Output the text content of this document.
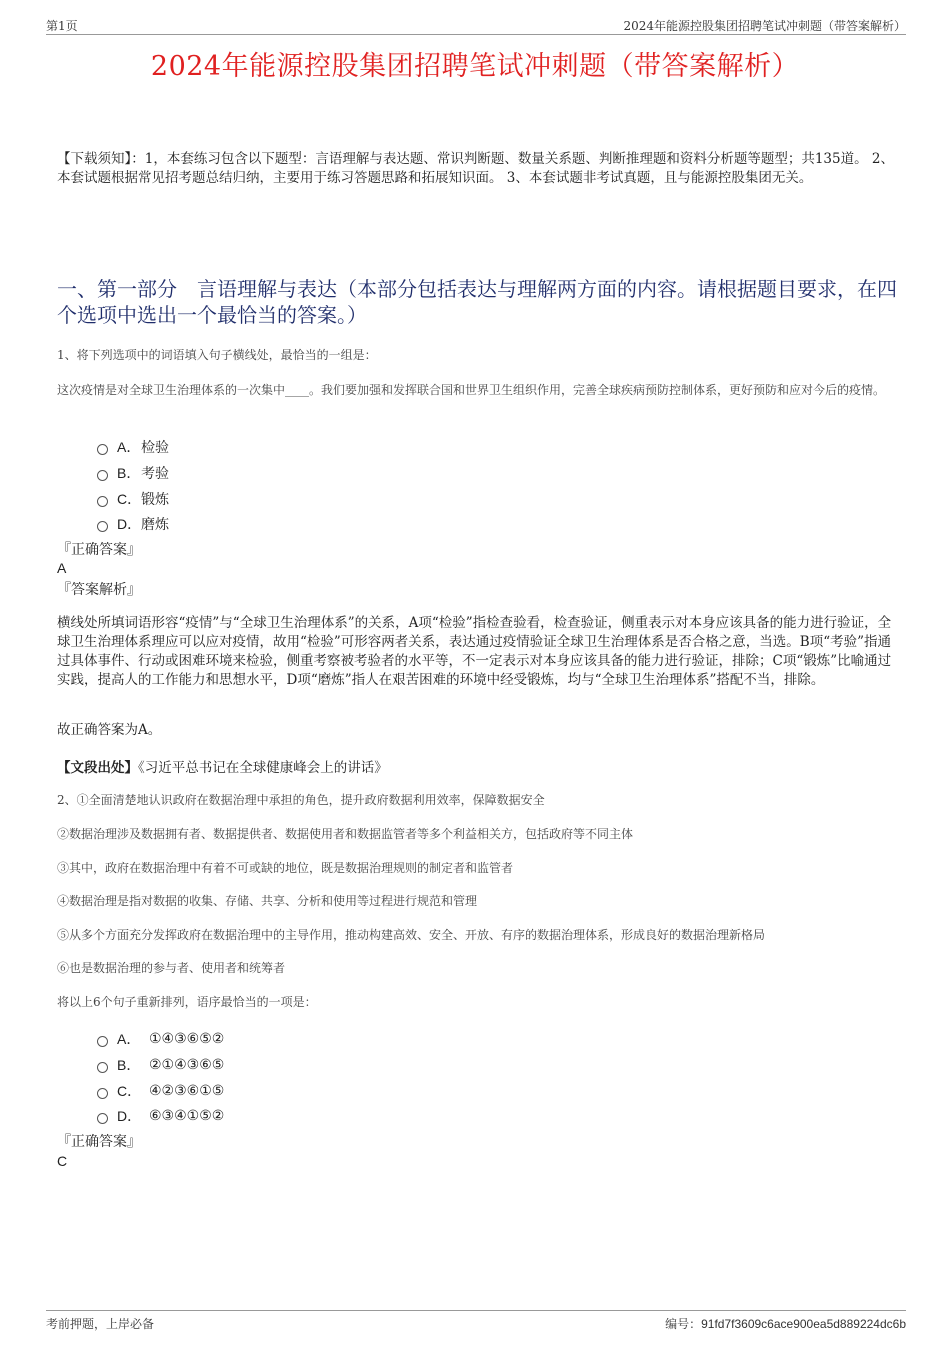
第1页	2024年能源控股集团招聘笔试冲刺题（带答案解析）
2024年能源控股集团招聘笔试冲刺题（带答案解析）
【下载须知】：1，本套练习包含以下题型：言语理解与表达题、常识判断题、数量关系题、判断推理题和资料分析题等题型；共135道。 2、本套试题根据常见招考题总结归纳，主要用于练习答题思路和拓展知识面。 3、本套试题非考试真题，且与能源控股集团无关。
一、第一部分　言语理解与表达（本部分包括表达与理解两方面的内容。请根据题目要求，在四个选项中选出一个最恰当的答案。）
1、将下列选项中的词语填入句子横线处，最恰当的一组是：
这次疫情是对全球卫生治理体系的一次集中____。我们要加强和发挥联合国和世界卫生组织作用，完善全球疾病预防控制体系，更好预防和应对今后的疫情。
A． 检验
B． 考验
C． 锻炼
D． 磨炼
『正确答案』
A
『答案解析』
横线处所填词语形容“疫情”与“全球卫生治理体系”的关系，A项“检验”指检查验看，检查验证，侧重表示对本身应该具备的能力进行验证，全球卫生治理体系理应可以应对疫情，故用“检验”可形容两者关系，表达通过疫情验证全球卫生治理体系是否合格之意，当选。B项“考验”指通过具体事件、行动或困难环境来检验，侧重考察被考验者的水平等，不一定表示对本身应该具备的能力进行验证，排除；C项“锻炼”比喻通过实践，提高人的工作能力和思想水平，D项“磨炼”指人在艰苦困难的环境中经受锻炼，均与“全球卫生治理体系”搭配不当，排除。
故正确答案为A。
【文段出处】《习近平总书记在全球健康峰会上的讲话》
2、①全面清楚地认识政府在数据治理中承担的角色，提升政府数据利用效率，保障数据安全
②数据治理涉及数据拥有者、数据提供者、数据使用者和数据监管者等多个利益相关方，包括政府等不同主体
③其中，政府在数据治理中有着不可或缺的地位，既是数据治理规则的制定者和监管者
④数据治理是指对数据的收集、存储、共享、分析和使用等过程进行规范和管理
⑤从多个方面充分发挥政府在数据治理中的主导作用，推动构建高效、安全、开放、有序的数据治理体系，形成良好的数据治理新格局
⑥也是数据治理的参与者、使用者和统筹者
将以上6个句子重新排列，语序最恰当的一项是：
A． ①④③⑥⑤②
B． ②①④③⑥⑤
C． ④②③⑥①⑤
D． ⑥③④①⑤②
『正确答案』
C
考前押题，上岸必备	编号：91fd7f3609c6ace900ea5d889224dc6b
